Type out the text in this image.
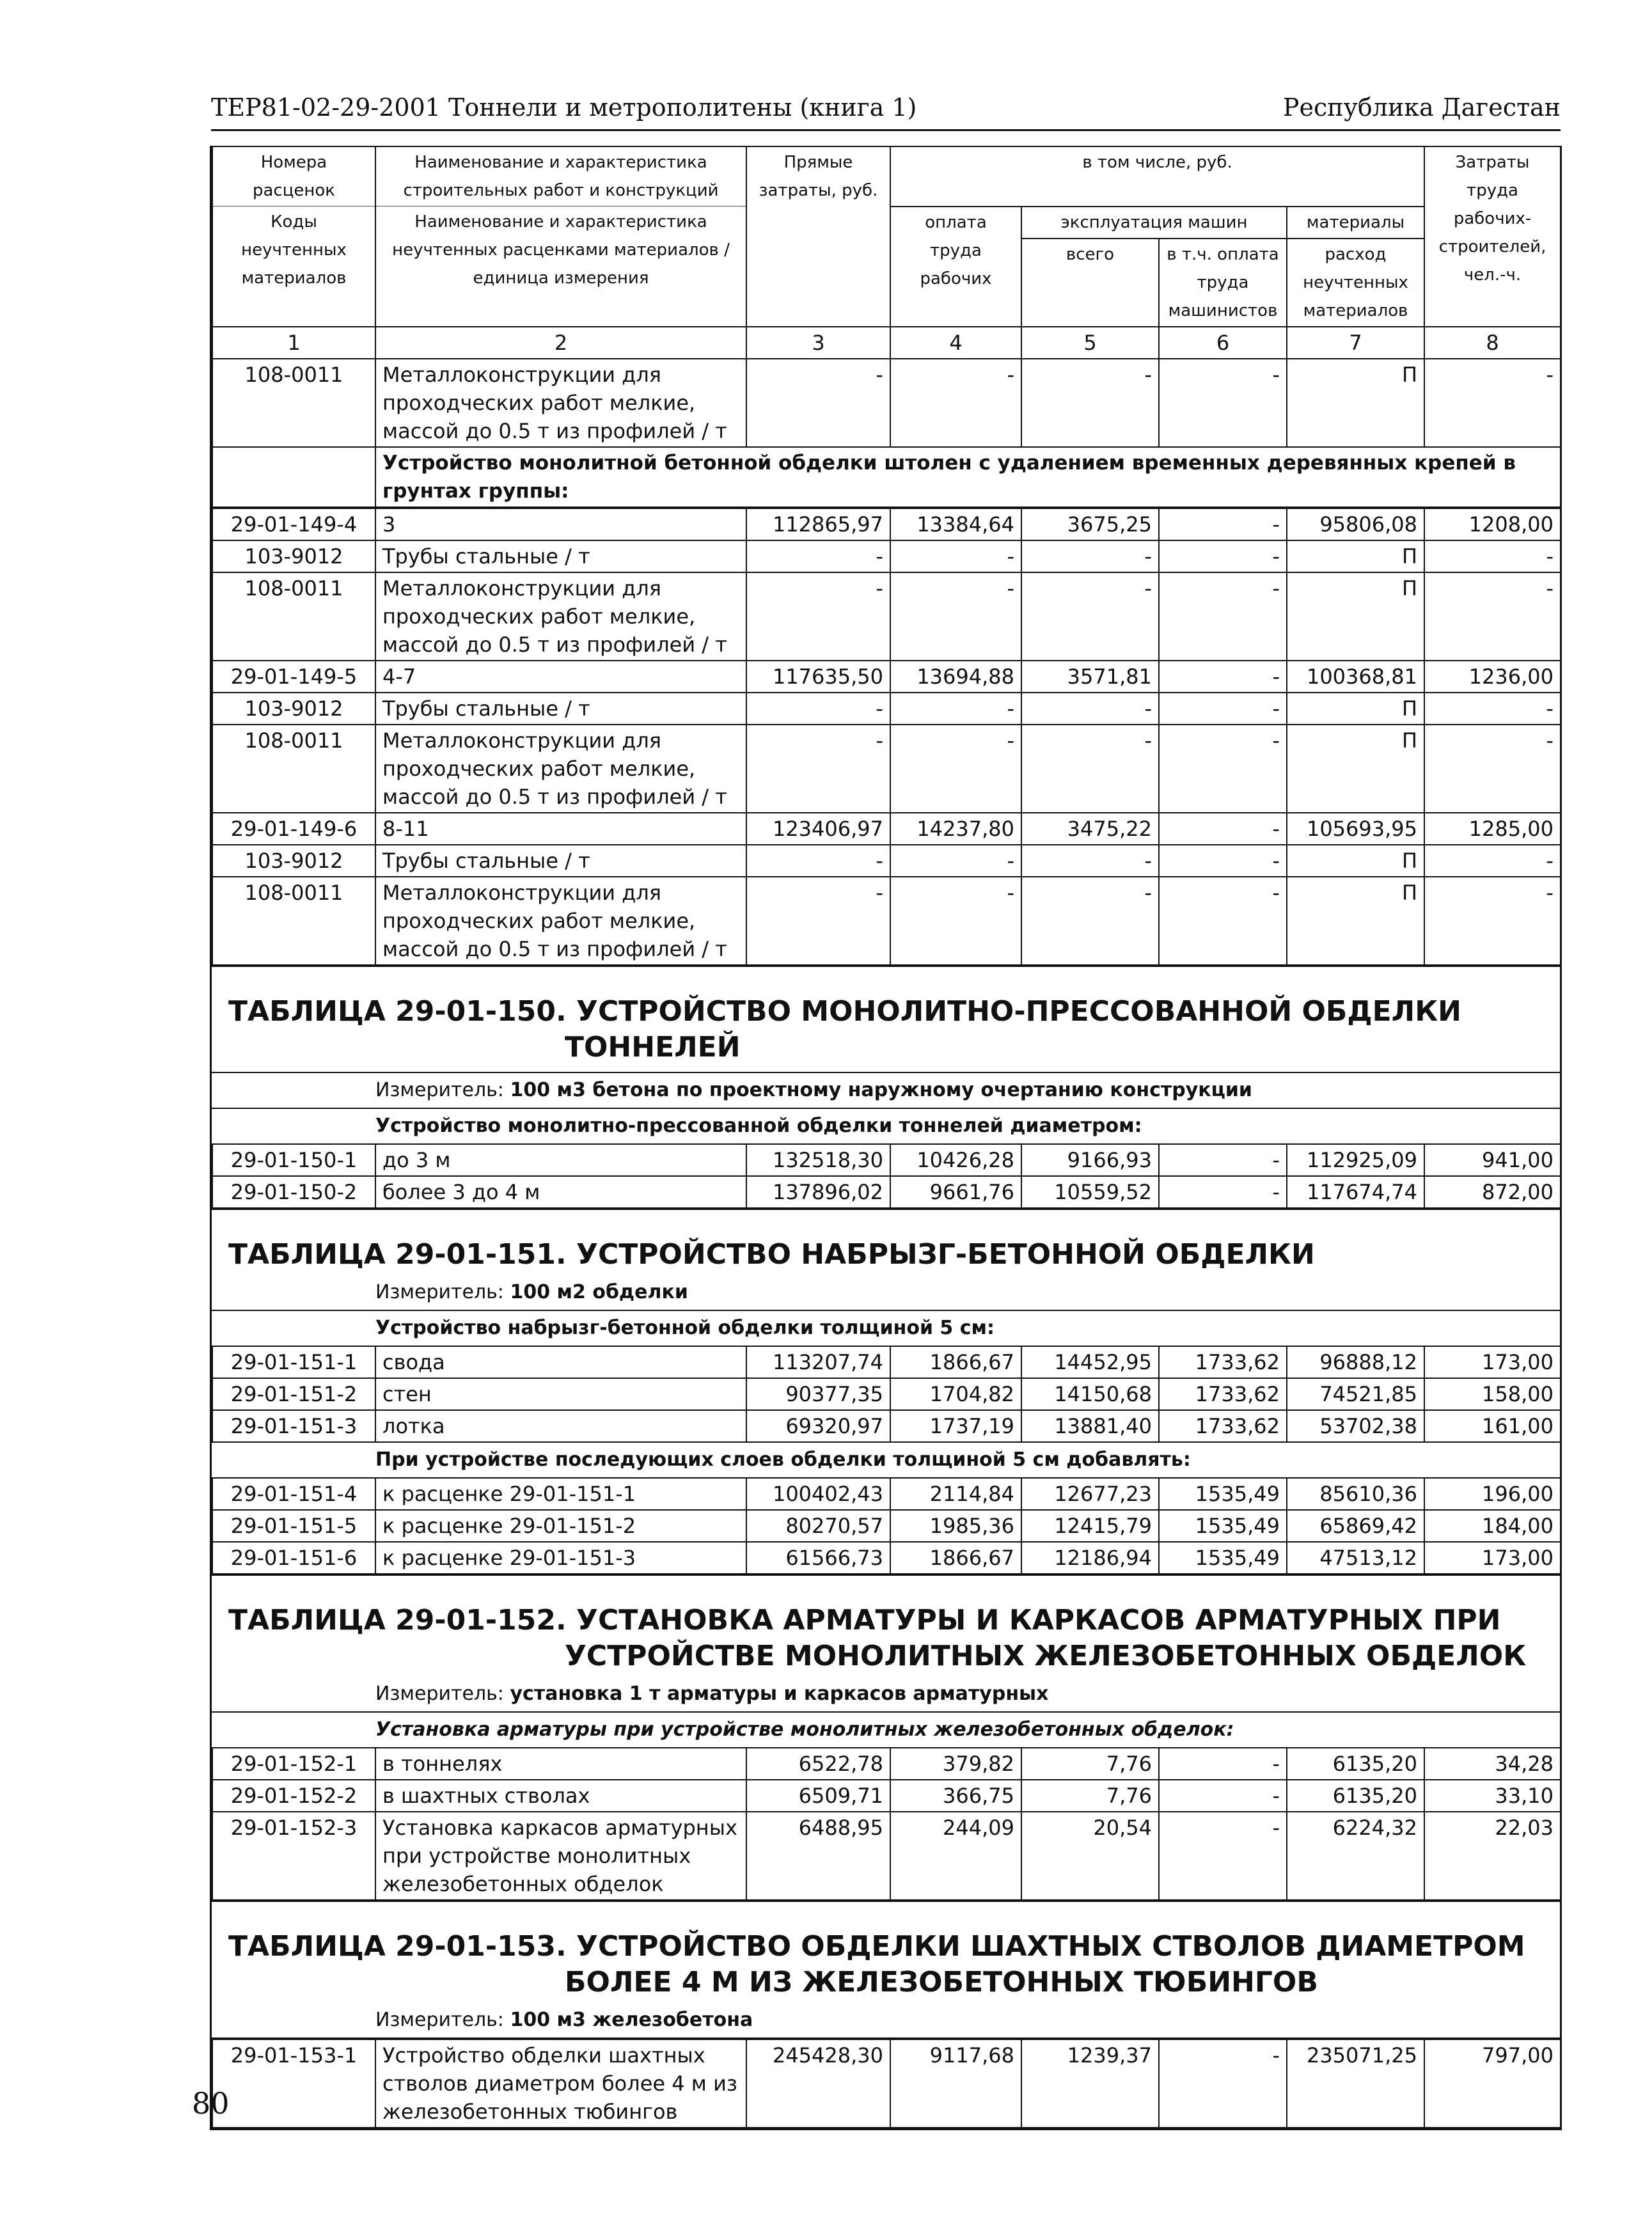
ТЕР81-02-29-2001 Тоннели и метрополитены (книга 1)	Республика Дагестан
Номера расценок	Наименование и характеристика строительных работ и конструкций	Прямые затраты, руб.	в том числе, руб.				Затраты труда рабочих-строителей, чел.-ч.
Коды неучтенных материалов	Наименование и характеристика неучтенных расценками материалов / единица измерения		оплата труда рабочих	эксплуатация машин		материалы	
				всего	в т.ч. оплата труда машинистов	расход неучтенных материалов	

1	2	3	4	5	6	7	8
108-0011	Металлоконструкции для проходческих работ мелкие, массой до 0.5 т из профилей / т	-	-	-	-	П	-
	Устройство монолитной бетонной обделки штолен с удалением временных деревянных крепей в грунтах группы:						
29-01-149-4	3	112865,97	13384,64	3675,25	-	95806,08	1208,00
103-9012	Трубы стальные / т	-	-	-	-	П	-
108-0011	Металлоконструкции для проходческих работ мелкие, массой до 0.5 т из профилей / т	-	-	-	-	П	-
29-01-149-5	4-7	117635,50	13694,88	3571,81	-	100368,81	1236,00
103-9012	Трубы стальные / т	-	-	-	-	П	-
108-0011	Металлоконструкции для проходческих работ мелкие, массой до 0.5 т из профилей / т	-	-	-	-	П	-
29-01-149-6	8-11	123406,97	14237,80	3475,22	-	105693,95	1285,00
103-9012	Трубы стальные / т	-	-	-	-	П	-
108-0011	Металлоконструкции для проходческих работ мелкие, массой до 0.5 т из профилей / т	-	-	-	-	П	-
ТАБЛИЦА 29-01-150. УСТРОЙСТВО МОНОЛИТНО-ПРЕССОВАННОЙ ОБДЕЛКИ
ТОННЕЛЕЙ
Измеритель: 100 м3 бетона по проектному наружному очертанию конструкции
Устройство монолитно-прессованной обделки тоннелей диаметром:
29-01-150-1	до 3 м	132518,30	10426,28	9166,93	-	112925,09	941,00
29-01-150-2	более 3 до 4 м	137896,02	9661,76	10559,52	-	117674,74	872,00
ТАБЛИЦА 29-01-151. УСТРОЙСТВО НАБРЫЗГ-БЕТОННОЙ ОБДЕЛКИ
Измеритель: 100 м2 обделки
Устройство набрызг-бетонной обделки толщиной 5 см:
29-01-151-1	свода	113207,74	1866,67	14452,95	1733,62	96888,12	173,00
29-01-151-2	стен	90377,35	1704,82	14150,68	1733,62	74521,85	158,00
29-01-151-3	лотка	69320,97	1737,19	13881,40	1733,62	53702,38	161,00
При устройстве последующих слоев обделки толщиной 5 см добавлять:
29-01-151-4	к расценке 29-01-151-1	100402,43	2114,84	12677,23	1535,49	85610,36	196,00
29-01-151-5	к расценке 29-01-151-2	80270,57	1985,36	12415,79	1535,49	65869,42	184,00
29-01-151-6	к расценке 29-01-151-3	61566,73	1866,67	12186,94	1535,49	47513,12	173,00
ТАБЛИЦА 29-01-152. УСТАНОВКА АРМАТУРЫ И КАРКАСОВ АРМАТУРНЫХ ПРИ
УСТРОЙСТВЕ МОНОЛИТНЫХ ЖЕЛЕЗОБЕТОННЫХ ОБДЕЛОК
Измеритель: установка 1 т арматуры и каркасов арматурных
Установка арматуры при устройстве монолитных железобетонных обделок:
29-01-152-1	в тоннелях	6522,78	379,82	7,76	-	6135,20	34,28
29-01-152-2	в шахтных стволах	6509,71	366,75	7,76	-	6135,20	33,10
29-01-152-3	Установка каркасов арматурных при устройстве монолитных железобетонных обделок	6488,95	244,09	20,54	-	6224,32	22,03
ТАБЛИЦА 29-01-153. УСТРОЙСТВО ОБДЕЛКИ ШАХТНЫХ СТВОЛОВ ДИАМЕТРОМ
БОЛЕЕ 4 М ИЗ ЖЕЛЕЗОБЕТОННЫХ ТЮБИНГОВ
Измеритель: 100 м3 железобетона
29-01-153-1	Устройство обделки шахтных стволов диаметром более 4 м из железобетонных тюбингов	245428,30	9117,68	1239,37	-	235071,25	797,00
80
